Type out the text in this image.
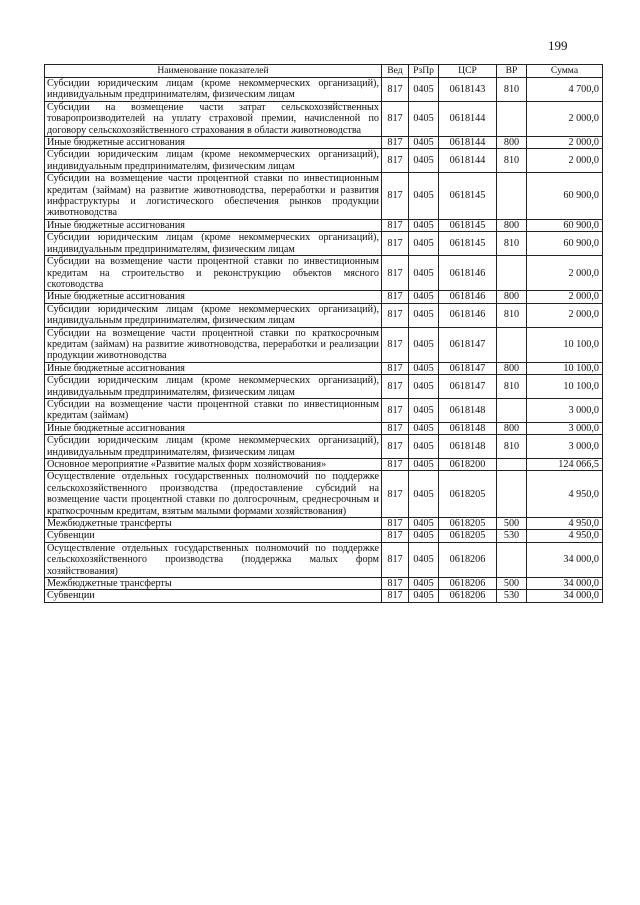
199
Наименование показателей	Вед	РзПр	ЦСР	ВР	Сумма
Субсидии юридическим лицам (кроме некоммерческих организаций), индивидуальным предпринимателям, физическим лицам	817	0405	0618143	810	4 700,0
Субсидии на возмещение части затрат сельскохозяйственных товаропроизводителей на уплату страховой премии, начисленной по договору сельскохозяйственного страхования в области животноводства	817	0405	0618144		2 000,0
Иные бюджетные ассигнования	817	0405	0618144	800	2 000,0
Субсидии юридическим лицам (кроме некоммерческих организаций), индивидуальным предпринимателям, физическим лицам	817	0405	0618144	810	2 000,0
Субсидии на возмещение части процентной ставки по инвестиционным кредитам (займам) на развитие животноводства, переработки и развития инфраструктуры и логистического обеспечения рынков продукции животноводства	817	0405	0618145		60 900,0
Иные бюджетные ассигнования	817	0405	0618145	800	60 900,0
Субсидии юридическим лицам (кроме некоммерческих организаций), индивидуальным предпринимателям, физическим лицам	817	0405	0618145	810	60 900,0
Субсидии на возмещение части процентной ставки по инвестиционным кредитам на строительство и реконструкцию объектов мясного скотоводства	817	0405	0618146		2 000,0
Иные бюджетные ассигнования	817	0405	0618146	800	2 000,0
Субсидии юридическим лицам (кроме некоммерческих организаций), индивидуальным предпринимателям, физическим лицам	817	0405	0618146	810	2 000,0
Субсидии на возмещение части процентной ставки по краткосрочным кредитам (займам) на развитие животноводства, переработки и реализации продукции животноводства	817	0405	0618147		10 100,0
Иные бюджетные ассигнования	817	0405	0618147	800	10 100,0
Субсидии юридическим лицам (кроме некоммерческих организаций), индивидуальным предпринимателям, физическим лицам	817	0405	0618147	810	10 100,0
Субсидии на возмещение части процентной ставки по инвестиционным кредитам (займам)	817	0405	0618148		3 000,0
Иные бюджетные ассигнования	817	0405	0618148	800	3 000,0
Субсидии юридическим лицам (кроме некоммерческих организаций), индивидуальным предпринимателям, физическим лицам	817	0405	0618148	810	3 000,0
Основное мероприятие «Развитие малых форм хозяйствования»	817	0405	0618200		124 066,5
Осуществление отдельных государственных полномочий по поддержке сельскохозяйственного производства (предоставление субсидий на возмещение части процентной ставки по долгосрочным, среднесрочным и краткосрочным кредитам, взятым малыми формами хозяйствования)	817	0405	0618205		4 950,0
Межбюджетные трансферты	817	0405	0618205	500	4 950,0
Субвенции	817	0405	0618205	530	4 950,0
Осуществление отдельных государственных полномочий по поддержке сельскохозяйственного производства (поддержка малых форм хозяйствования)	817	0405	0618206		34 000,0
Межбюджетные трансферты	817	0405	0618206	500	34 000,0
Субвенции	817	0405	0618206	530	34 000,0
